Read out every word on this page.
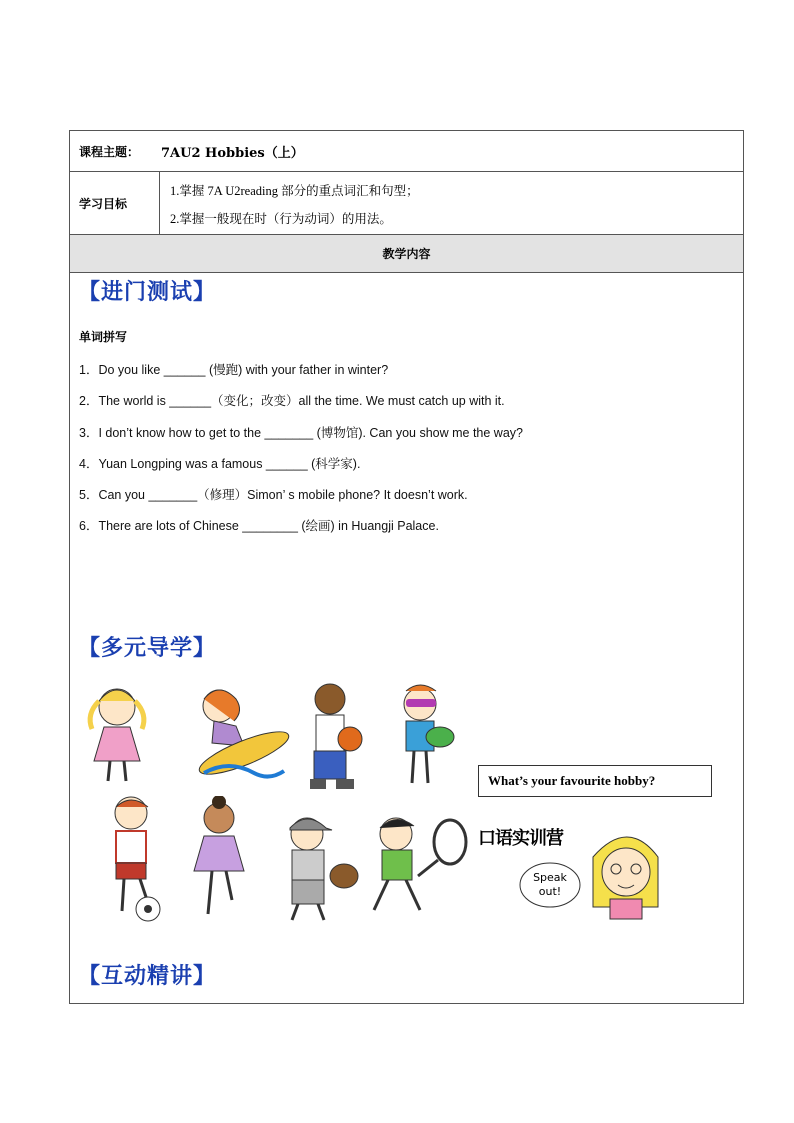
课程主题： 7AU2 Hobbies（上）
学习目标
1.掌握 7A U2reading 部分的重点词汇和句型；
2.掌握一般现在时（行为动词）的用法。
教学内容
【进门测试】
单词拼写
1．Do you like ______ (慢跑) with your father in winter?
2．The world is ______（变化；改变）all the time. We must catch up with it.
3．I don’t know how to get to the _______ (博物馆). Can you show me the way?
4．Yuan Longping was a famous ______ (科学家).
5．Can you _______（修理）Simon’ s mobile phone? It doesn’t work.
6．There are lots of Chinese ________ (绘画) in Huangji Palace.
【多元导学】
What’s your favourite hobby?
口语实训营
Speak
out!
【互动精讲】
